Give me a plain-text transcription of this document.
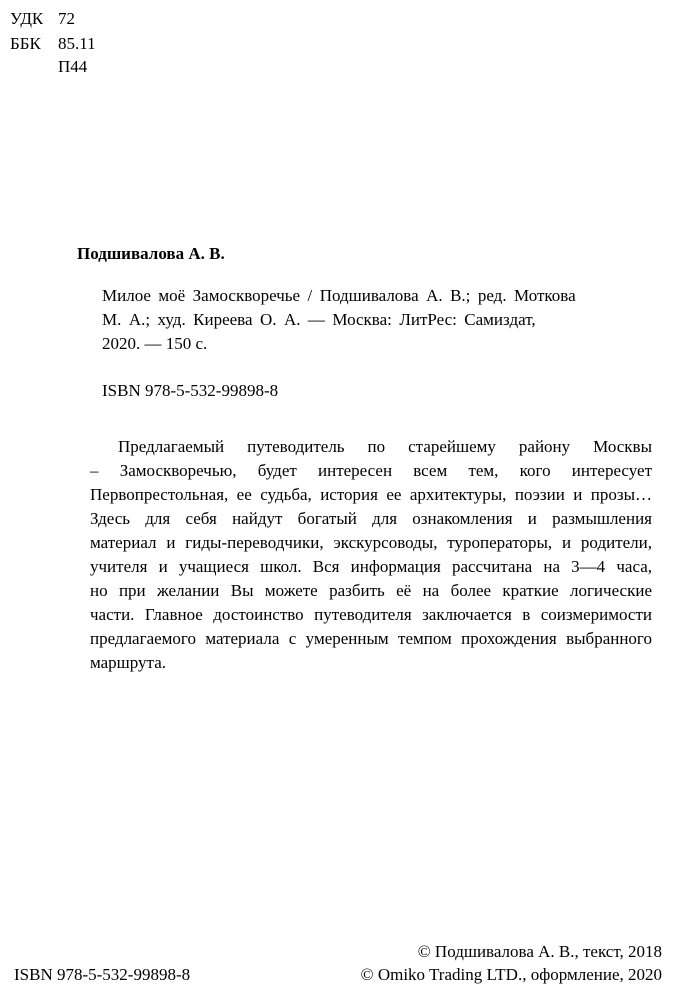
УДК 72
ББК 85.11
П44
Подшивалова А. В.
Милое моё Замоскворечье / Подшивалова А. В.; ред. Моткова
М. А.; худ. Киреева О. А. — Москва: ЛитРес: Самиздат,
2020. — 150 с.
ISBN 978-5-532-99898-8
Предлагаемый путеводитель по старейшему району Москвы
– Замоскворечью, будет интересен всем тем, кого интересует
Первопрестольная, ее судьба, история ее архитектуры, поэзии и прозы…
Здесь для себя найдут богатый для ознакомления и размышления
материал и гиды-переводчики, экскурсоводы, туроператоры, и родители,
учителя и учащиеся школ. Вся информация рассчитана на 3—4 часа,
но при желании Вы можете разбить её на более краткие логические
части. Главное достоинство путеводителя заключается в соизмеримости
предлагаемого материала с умеренным темпом прохождения выбранного
маршрута.
© Подшивалова А. В., текст, 2018
ISBN 978-5-532-99898-8	© Omiko Trading LTD., оформление, 2020
